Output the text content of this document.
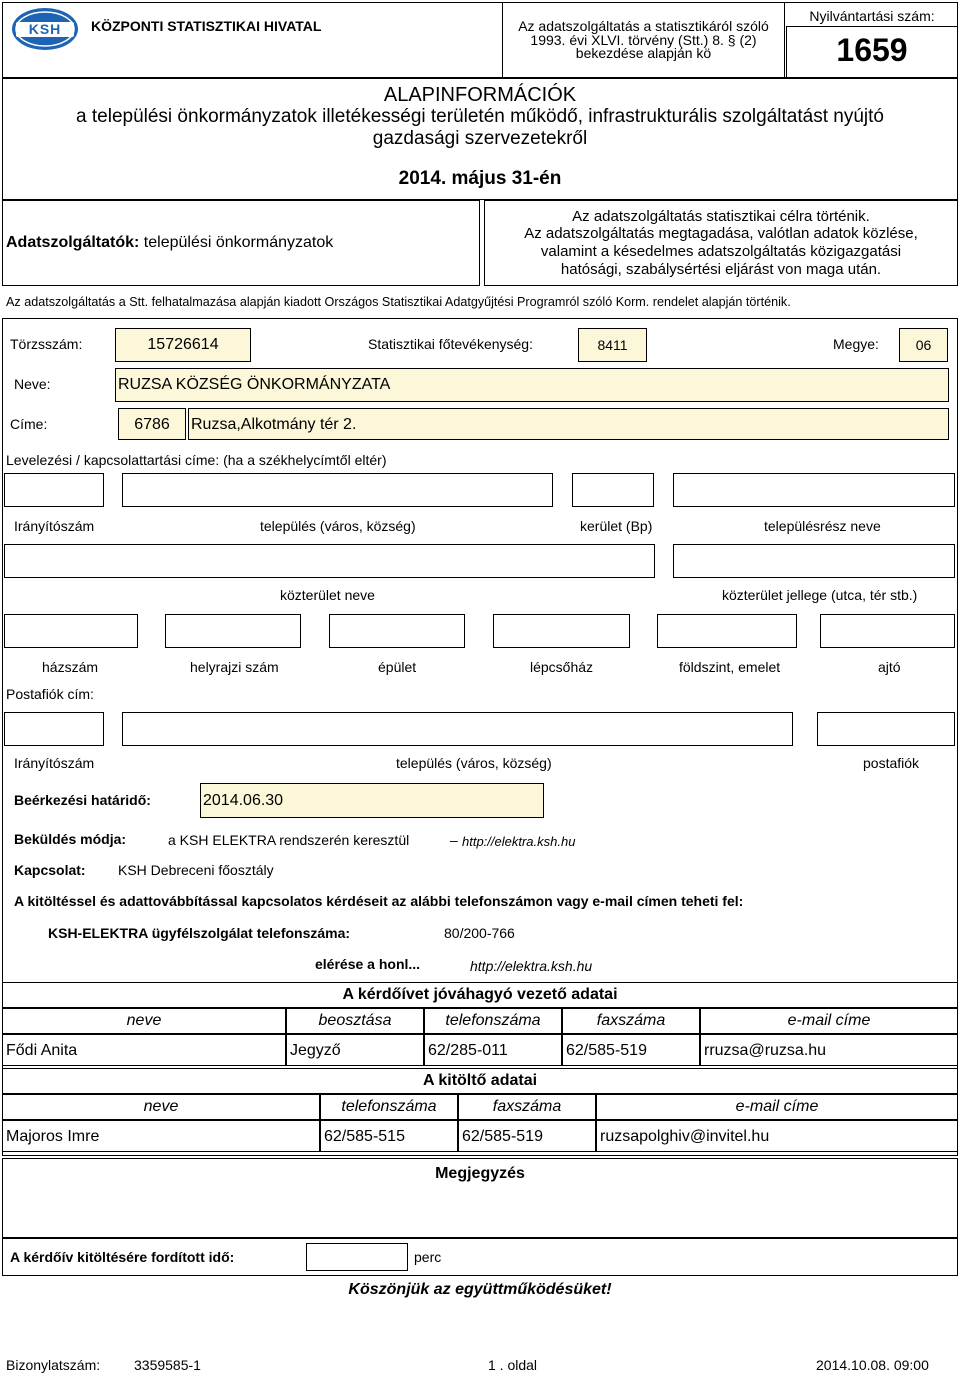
KSH	KÖZPONTI STATISZTIKAI HIVATAL	Az adatszolgáltatás a statisztikáról szóló
1993. évi XLVI. törvény (Stt.) 8. § (2)
bekezdése alapján kö
Nyilvántartási szám:
1659
ALAPINFORMÁCIÓK
a települési önkormányzatok illetékességi területén működő, infrastrukturális szolgáltatást nyújtó
gazdasági szervezetekről
2014. május 31-én
Adatszolgáltatók: települési önkormányzatok
Az adatszolgáltatás statisztikai célra történik.
Az adatszolgáltatás megtagadása, valótlan adatok közlése,
valamint a késedelmes adatszolgáltatás közigazgatási
hatósági, szabálysértési eljárást von maga után.
Az adatszolgáltatás a Stt. felhatalmazása alapján kiadott Országos Statisztikai Adatgyűjtési Programról szóló Korm. rendelet alapján történik.
Törzsszám:	15726614	Statisztikai főtevékenység:	8411	Megye:	06
Neve:	RUZSA KÖZSÉG ÖNKORMÁNYZATA
Címe:	6786	Ruzsa,Alkotmány tér 2.
Levelezési / kapcsolattartási címe: (ha a székhelycímtől eltér)
Irányítószám	település (város, község)	kerület (Bp)	településrész neve
közterület neve	közterület jellege (utca, tér stb.)
házszám	helyrajzi szám	épület	lépcsőház	földszint, emelet	ajtó
Postafiók cím:
Irányítószám	település (város, község)	postafiók
Beérkezési határidő:	2014.06.30
Beküldés módja:	a KSH ELEKTRA rendszerén keresztül	– http://elektra.ksh.hu
Kapcsolat: KSH Debreceni főosztály
A kitöltéssel és adattovábbítással kapcsolatos kérdéseit az alábbi telefonszámon vagy e-mail címen teheti fel:
KSH-ELEKTRA ügyfélszolgálat telefonszáma:	80/200-766
elérése a honl...	http://elektra.ksh.hu
A kérdőívet jóváhagyó vezető adatai
neve	beosztása	telefonszáma	faxszáma	e-mail címe
Fődi Anita	Jegyző	62/285-011	62/585-519	rruzsa@ruzsa.hu
A kitöltő adatai
neve	telefonszáma	faxszáma	e-mail címe
Majoros Imre	62/585-515	62/585-519	ruzsapolghiv@invitel.hu
Megjegyzés
A kérdőív kitöltésére fordított idő:	perc
Köszönjük az együttműködésüket!
Bizonylatszám: 3359585-1	1 . oldal	2014.10.08. 09:00
